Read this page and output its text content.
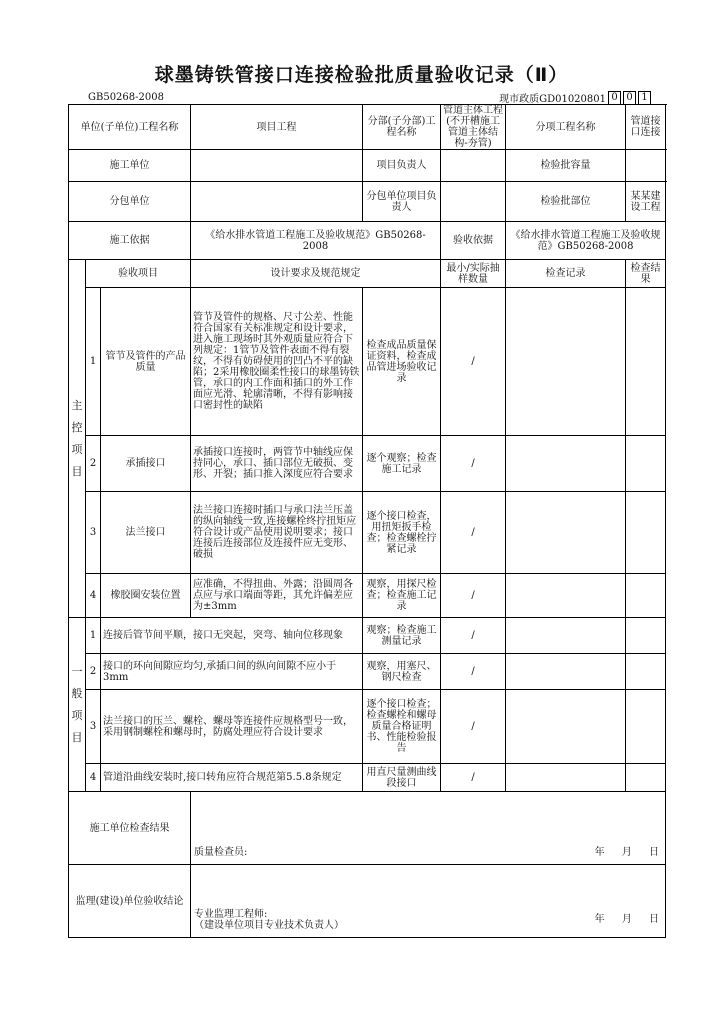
球墨铸铁管接口连接检验批质量验收记录（Ⅱ）
GB50268-2008	现市政质GD01020801 0 0 1
单位(子单位)工程名称			项目工程	分部(子分部)工程名称	管道主体工程(不开槽施工管道主体结构-夯管)	分项工程名称	管道接口连接
施工单位				项目负责人		检验批容量	
分包单位				分包单位项目负责人		检验批部位	某某建设工程
施工依据			《给水排水管道工程施工及验收规范》GB50268-2008		验收依据	《给水排水管道工程施工及验收规范》GB50268-2008	

主
控
项
目	验收项目		设计要求及规范规定		最小/实际抽样数量	检查记录	检查结果
	1	管节及管件的产品质量	管节及管件的规格、尺寸公差、性能符合国家有关标准规定和设计要求，进入施工现场时其外观质量应符合下列规定：1管节及管件表面不得有裂纹，不得有妨碍使用的凹凸不平的缺陷；2采用橡胶圈柔性接口的球墨铸铁管，承口的内工作面和插口的外工作面应光滑、轮廓清晰，不得有影响接口密封性的缺陷	检查成品质量保证资料，检查成品管进场验收记录	/		
	2	承插接口	承插接口连接时，两管节中轴线应保持同心，承口、插口部位无破损、变形、开裂；插口推入深度应符合要求	逐个观察；检查施工记录	/		
	3	法兰接口	法兰接口连接时插口与承口法兰压盖的纵向轴线一致,连接螺栓终拧扭矩应符合设计或产品使用说明要求；接口连接后连接部位及连接件应无变形、破损	逐个接口检查，用扭矩扳手检查；检查螺栓拧紧记录	/		
	4	橡胶圈安装位置	应准确，不得扭曲、外露；沿圆周各点应与承口端面等距，其允许偏差应为±3mm	观察，用探尺检查；检查施工记录	/		

一
般
项
目	1	连接后管节间平顺，接口无突起，突弯、轴向位移现象		观察；检查施工测量记录	/		
	2	接口的环向间隙应均匀,承插口间的纵向间隙不应小于3mm		观察，用塞尺、钢尺检查	/		
	3	法兰接口的压兰、螺栓、螺母等连接件应规格型号一致，采用钢制螺栓和螺母时，防腐处理应符合设计要求		逐个接口检查；检查螺栓和螺母质量合格证明书、性能检验报告	/		
	4	管道沿曲线安装时,接口转角应符合规范第5.5.8条规定		用直尺量测曲线段接口	/		
施工单位检查结果			质量检查员: 年 月 日				

监理(建设)单位验收结论			专业监理工程师:
（建设单位项目专业技术负责人）
年 月 日				
